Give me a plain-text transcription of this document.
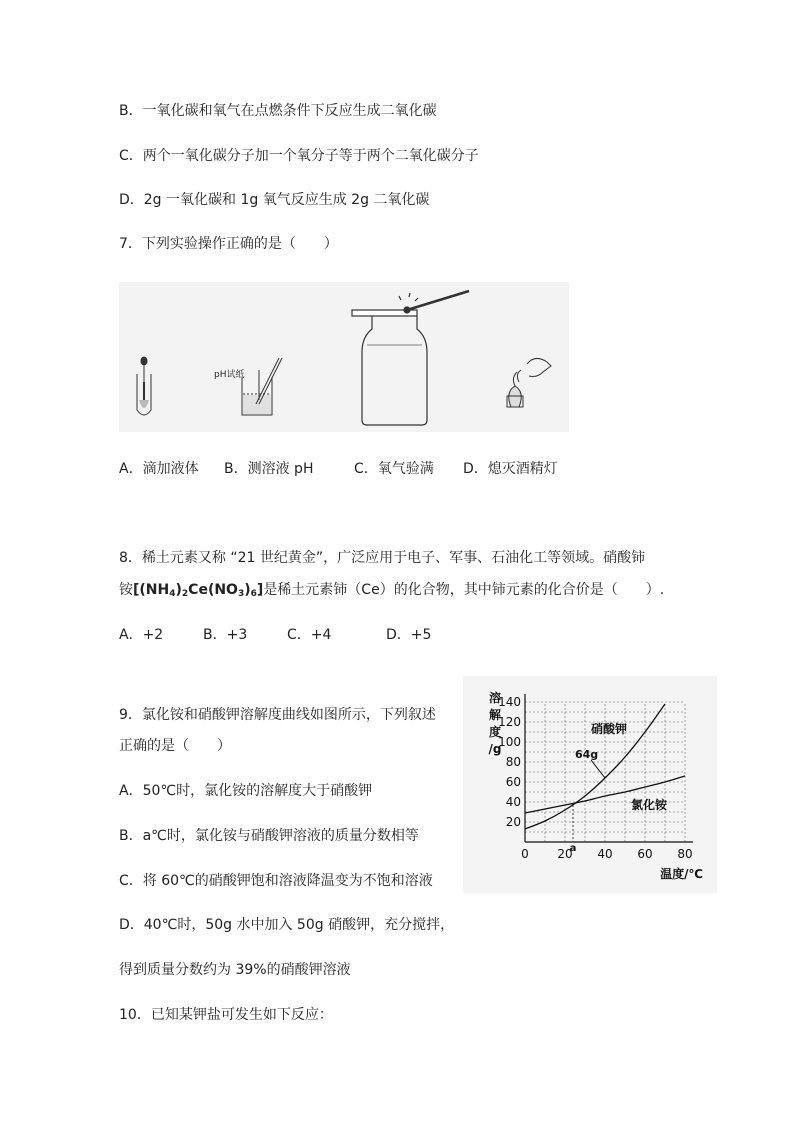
B．一氧化碳和氧气在点燃条件下反应生成二氧化碳
C．两个一氧化碳分子加一个氧分子等于两个二氧化碳分子
D．2g 一氧化碳和 1g 氧气反应生成 2g 二氧化碳
7．下列实验操作正确的是（　　）
pH试纸
A．滴加液体 B．测溶液 pH	C．氧气验满 D．熄灭酒精灯
8．稀土元素又称 “21 世纪黄金”，广泛应用于电子、军事、石油化工等领域。硝酸铈
铵$[(NH_4)_2Ce(NO_3)_6]$是稀土元素铈（Ce）的化合物，其中铈元素的化合价是（　　）.
A．+2	B．+3	C．+4	D．+5
9．氯化铵和硝酸钾溶解度曲线如图所示，下列叙述
正确的是（　　）
A．50℃时，氯化铵的溶解度大于硝酸钾
B．a℃时，氯化铵与硝酸钾溶液的质量分数相等
C．将 60℃的硝酸钾饱和溶液降温变为不饱和溶液
D．40℃时，50g 水中加入 50g 硝酸钾，充分搅拌，
得到质量分数约为 39%的硝酸钾溶液
10．已知某钾盐可发生如下反应：
20
40
60
80
100
120
140
0 20 40 60 80
溶
解
度
/g
温度/℃
硝酸钾
氯化铵
64g
a
